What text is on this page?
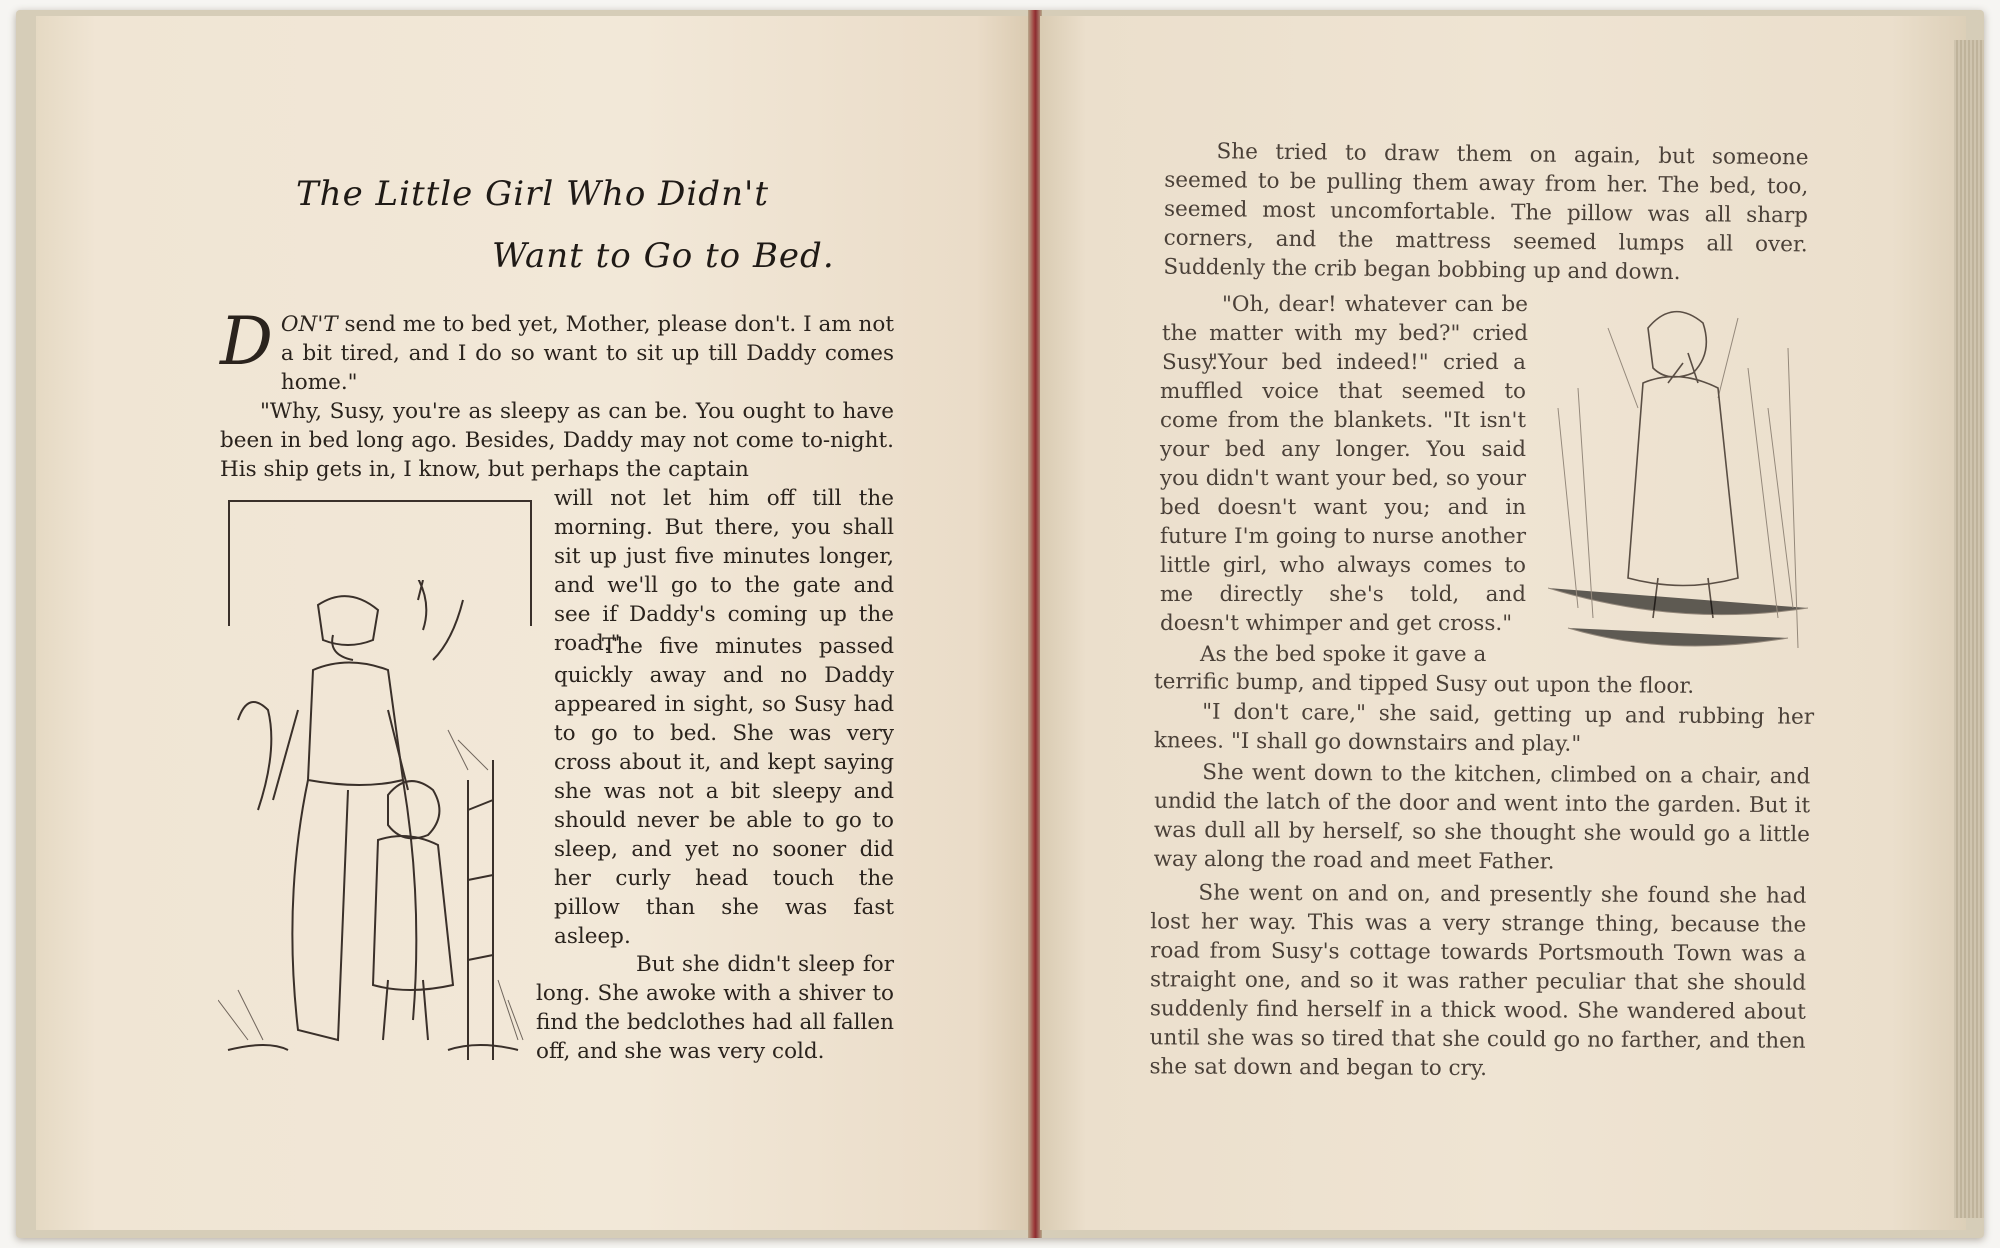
The Little Girl Who Didn't
Want to Go to Bed.
DON'T send me to bed yet, Mother, please don't. I am not a bit tired, and I do so want to sit up till Daddy comes home."
"Why, Susy, you're as sleepy as can be. You ought to have been in bed long ago. Besides, Daddy may not come to-night. His ship gets in, I know, but perhaps the captain
will not let him off till the morning. But there, you shall sit up just five minutes longer, and we'll go to the gate and see if Daddy's coming up the road."
The five minutes passed quickly away and no Daddy appeared in sight, so Susy had to go to bed. She was very cross about it, and kept saying she was not a bit sleepy and should never be able to go to sleep, and yet no sooner did her curly head touch the pillow than she was fast asleep.
But she didn't sleep for long. She awoke with a shiver to find the bedclothes had all fallen off, and she was very cold.
She tried to draw them on again, but someone seemed to be pulling them away from her. The bed, too, seemed most uncomfortable. The pillow was all sharp corners, and the mattress seemed lumps all over. Suddenly the crib began bobbing up and down.
"Oh, dear! whatever can be the matter with my bed?" cried Susy.
"Your bed indeed!" cried a muffled voice that seemed to come from the blankets. "It isn't your bed any longer. You said you didn't want your bed, so your bed doesn't want you; and in future I'm going to nurse another little girl, who always comes to me directly she's told, and doesn't whimper and get cross."
As the bed spoke it gave a
terrific bump, and tipped Susy out upon the floor.
"I don't care," she said, getting up and rubbing her knees. "I shall go downstairs and play."
She went down to the kitchen, climbed on a chair, and undid the latch of the door and went into the garden. But it was dull all by herself, so she thought she would go a little way along the road and meet Father.
She went on and on, and presently she found she had lost her way. This was a very strange thing, because the road from Susy's cottage towards Portsmouth Town was a straight one, and so it was rather peculiar that she should suddenly find herself in a thick wood. She wandered about until she was so tired that she could go no farther, and then she sat down and began to cry.
